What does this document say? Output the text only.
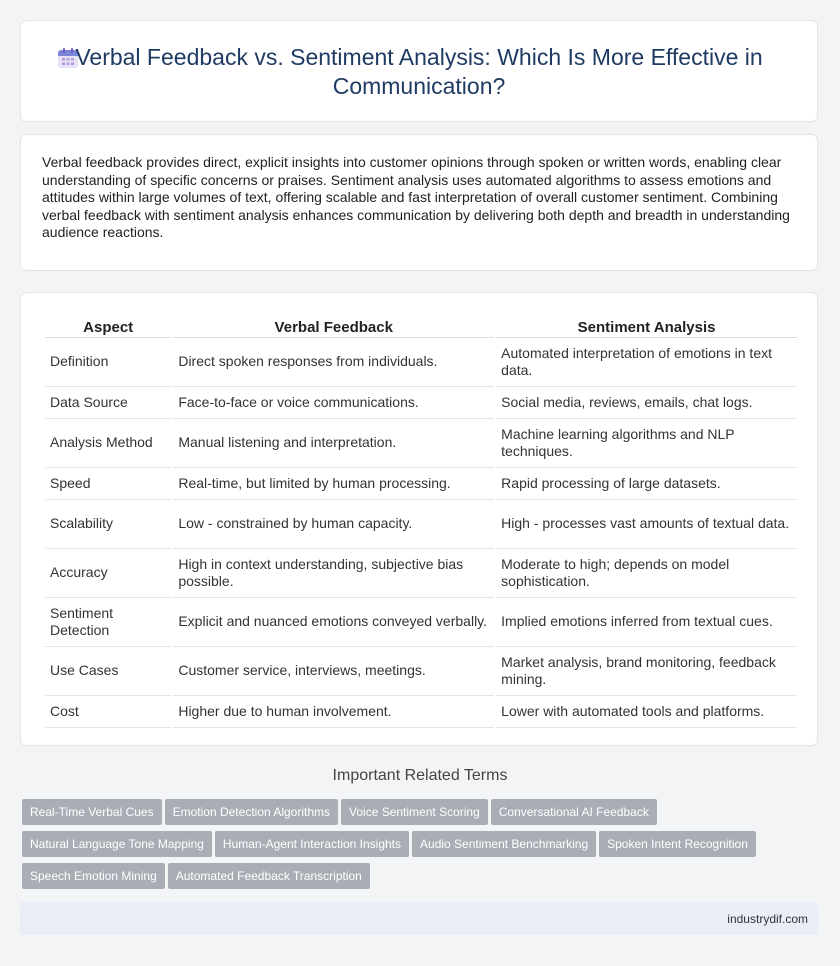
Verbal Feedback vs. Sentiment Analysis: Which Is More Effective in Communication?

Verbal feedback provides direct, explicit insights into customer opinions through spoken or written words, enabling clear understanding of specific concerns or praises. Sentiment analysis uses automated algorithms to assess emotions and attitudes within large volumes of text, offering scalable and fast interpretation of overall customer sentiment. Combining verbal feedback with sentiment analysis enhances communication by delivering both depth and breadth in understanding audience reactions.

Aspect	Verbal Feedback	Sentiment Analysis
Definition	Direct spoken responses from individuals.	Automated interpretation of emotions in text data.
Data Source	Face-to-face or voice communications.	Social media, reviews, emails, chat logs.
Analysis Method	Manual listening and interpretation.	Machine learning algorithms and NLP techniques.
Speed	Real-time, but limited by human processing.	Rapid processing of large datasets.
Scalability	Low - constrained by human capacity.	High - processes vast amounts of textual data.
Accuracy	High in context understanding, subjective bias possible.	Moderate to high; depends on model sophistication.
Sentiment Detection	Explicit and nuanced emotions conveyed verbally.	Implied emotions inferred from textual cues.
Use Cases	Customer service, interviews, meetings.	Market analysis, brand monitoring, feedback mining.
Cost	Higher due to human involvement.	Lower with automated tools and platforms.
Important Related Terms
Real-Time Verbal Cues Emotion Detection Algorithms Voice Sentiment Scoring Conversational AI Feedback
Natural Language Tone Mapping Human-Agent Interaction Insights Audio Sentiment Benchmarking Spoken Intent Recognition
Speech Emotion Mining Automated Feedback Transcription
industrydif.com
